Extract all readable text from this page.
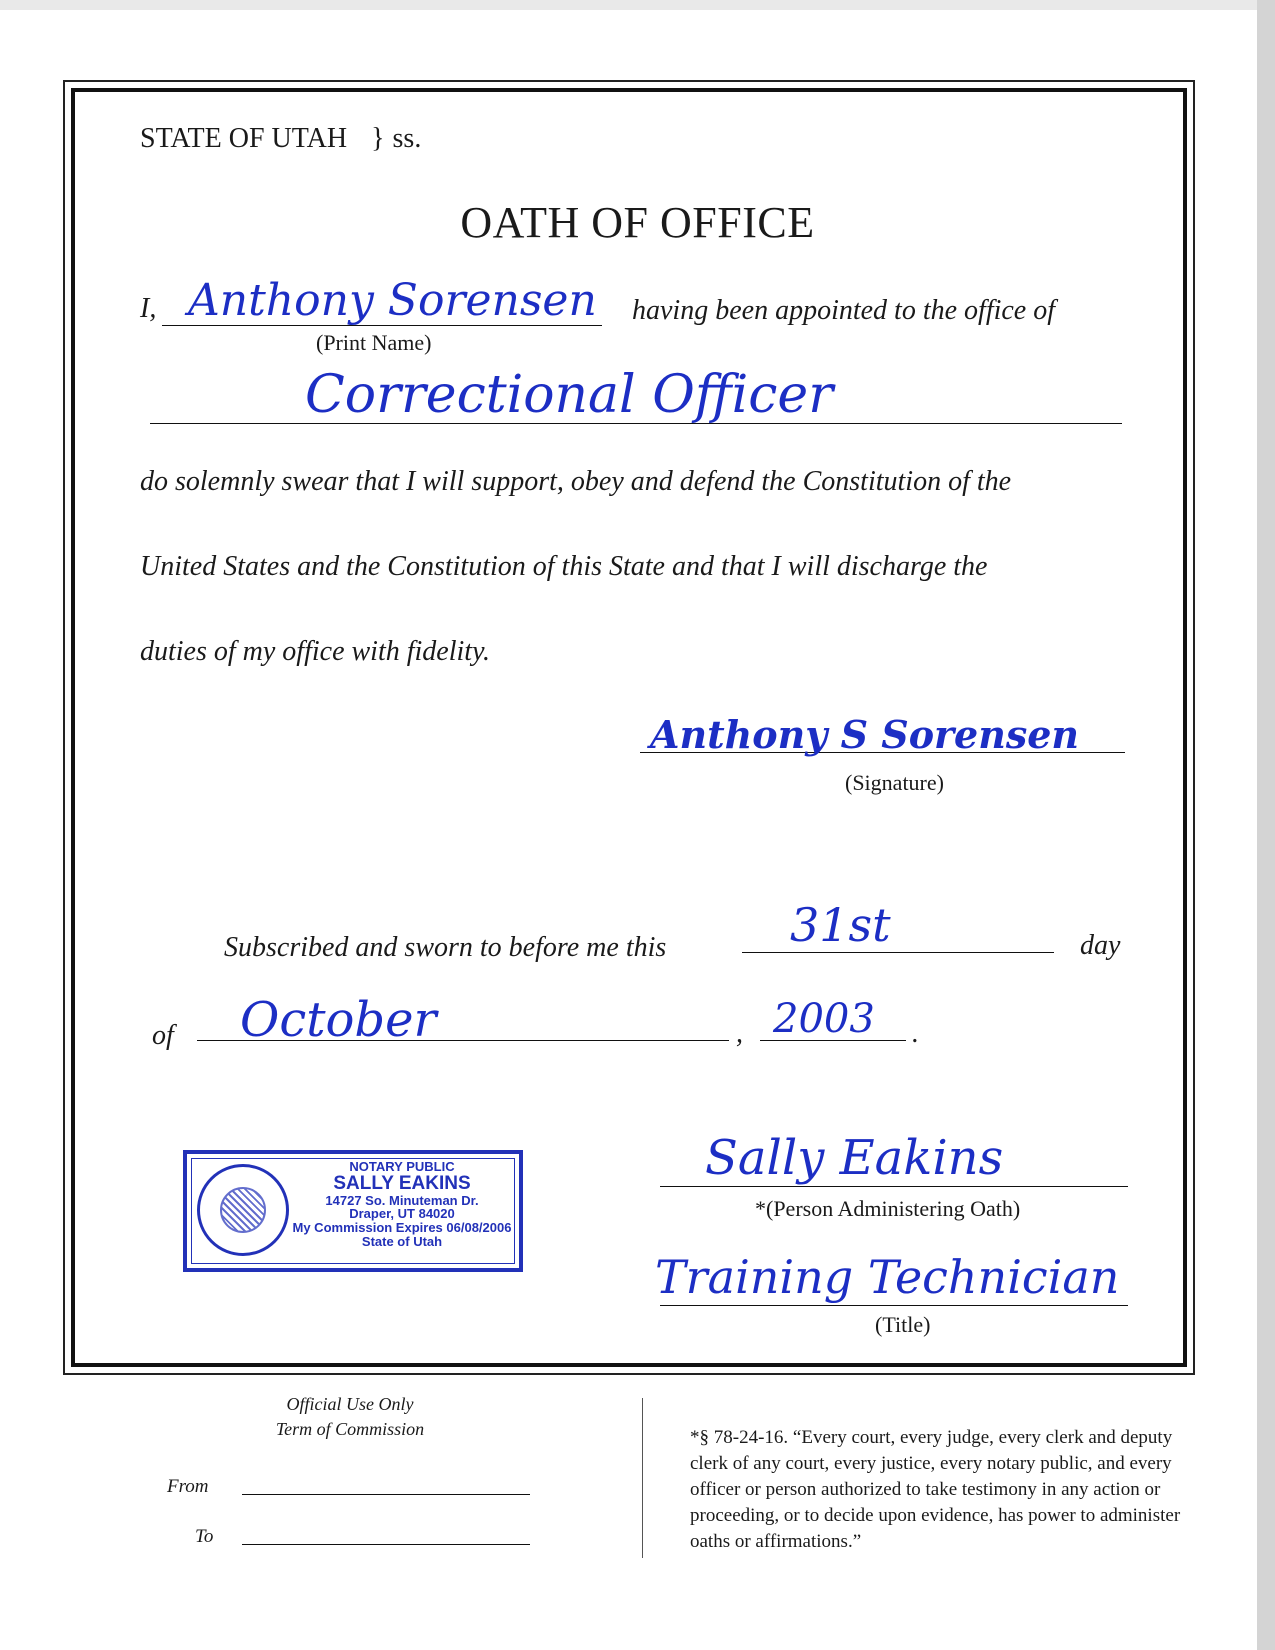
STATE OF UTAH } ss.
OATH OF OFFICE
I, Anthony Sorensen
(Print Name)
having been appointed to the office of
Correctional Officer
do solemnly swear that I will support, obey and defend the Constitution of the
United States and the Constitution of this State and that I will discharge the
duties of my office with fidelity.
Anthony S Sorensen
(Signature)
Subscribed and sworn to before me this	31st	day
of October	, 2003 .
NOTARY PUBLIC
SALLY EAKINS
14727 So. Minuteman Dr.
Draper, UT 84020
My Commission Expires 06/08/2006
State of Utah
Sally Eakins
*(Person Administering Oath)
Training Technician
(Title)
Official Use Only
Term of Commission
From
To
*§ 78-24-16. “Every court, every judge, every clerk and deputy clerk of any court, every justice, every notary public, and every officer or person authorized to take testimony in any action or proceeding, or to decide upon evidence, has power to administer oaths or affirmations.”
